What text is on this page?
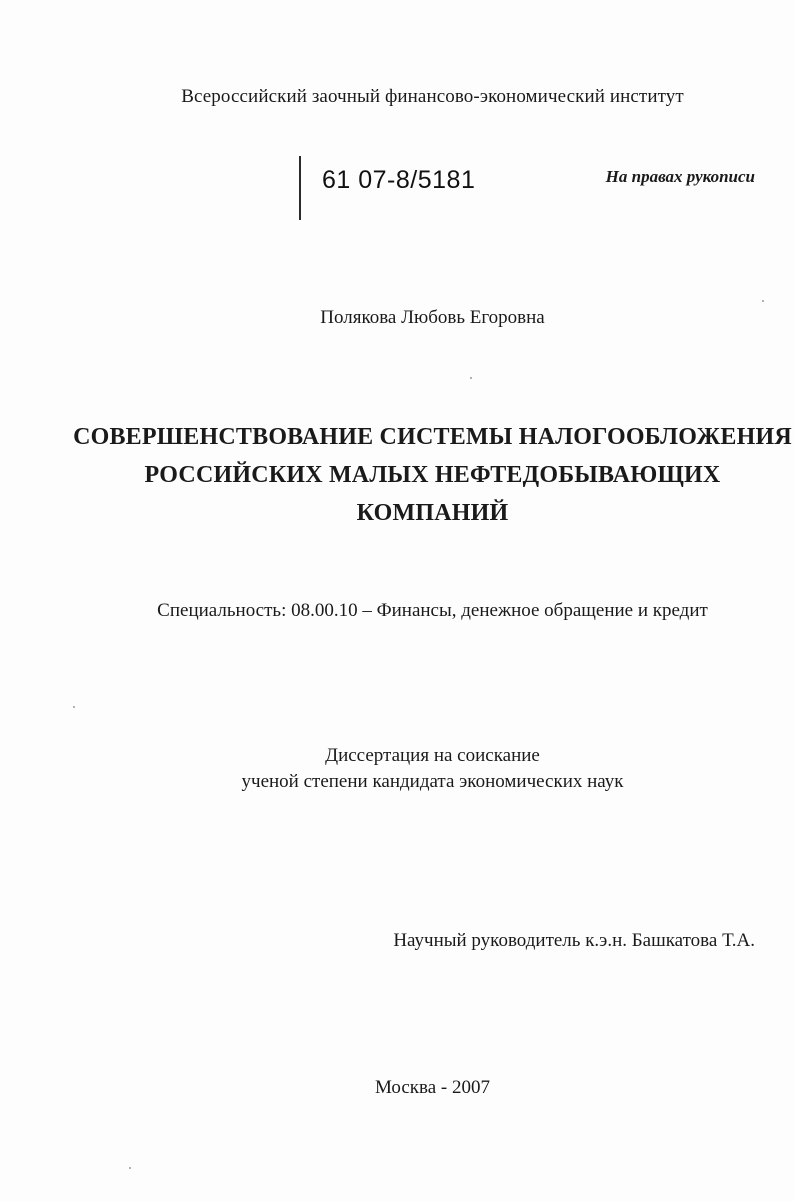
Всероссийский заочный финансово-экономический институт
61 07-8/5181	На правах рукописи
Полякова Любовь Егоровна
СОВЕРШЕНСТВОВАНИЕ СИСТЕМЫ НАЛОГООБЛОЖЕНИЯ
РОССИЙСКИХ МАЛЫХ НЕФТЕДОБЫВАЮЩИХ
КОМПАНИЙ
Специальность: 08.00.10 – Финансы, денежное обращение и кредит
Диссертация на соискание
ученой степени кандидата экономических наук
Научный руководитель к.э.н. Башкатова Т.А.
Москва - 2007
